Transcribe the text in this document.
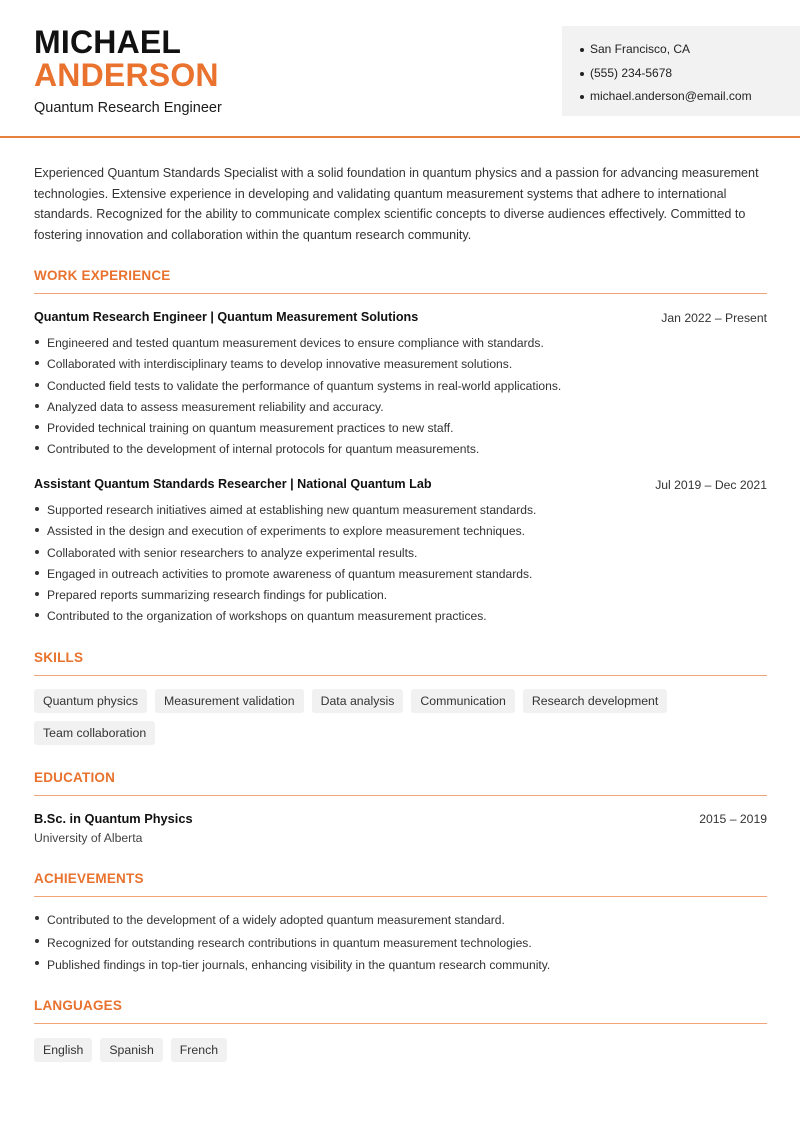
MICHAEL
ANDERSON
Quantum Research Engineer
San Francisco, CA
(555) 234-5678
michael.anderson@email.com

Experienced Quantum Standards Specialist with a solid foundation in quantum physics and a passion for advancing measurement technologies. Extensive experience in developing and validating quantum measurement systems that adhere to international standards. Recognized for the ability to communicate complex scientific concepts to diverse audiences effectively. Committed to fostering innovation and collaboration within the quantum research community.

WORK EXPERIENCE
Quantum Research Engineer | Quantum Measurement Solutions	Jan 2022 – Present
Engineered and tested quantum measurement devices to ensure compliance with standards.
Collaborated with interdisciplinary teams to develop innovative measurement solutions.
Conducted field tests to validate the performance of quantum systems in real-world applications.
Analyzed data to assess measurement reliability and accuracy.
Provided technical training on quantum measurement practices to new staff.
Contributed to the development of internal protocols for quantum measurements.
Assistant Quantum Standards Researcher | National Quantum Lab	Jul 2019 – Dec 2021
Supported research initiatives aimed at establishing new quantum measurement standards.
Assisted in the design and execution of experiments to explore measurement techniques.
Collaborated with senior researchers to analyze experimental results.
Engaged in outreach activities to promote awareness of quantum measurement standards.
Prepared reports summarizing research findings for publication.
Contributed to the organization of workshops on quantum measurement practices.
SKILLS
Quantum physics	Measurement validation	Data analysis	Communication	Research development
Team collaboration
EDUCATION
B.Sc. in Quantum Physics
University of Alberta
2015 – 2019
ACHIEVEMENTS
Contributed to the development of a widely adopted quantum measurement standard.
Recognized for outstanding research contributions in quantum measurement technologies.
Published findings in top-tier journals, enhancing visibility in the quantum research community.
LANGUAGES
English	Spanish	French
